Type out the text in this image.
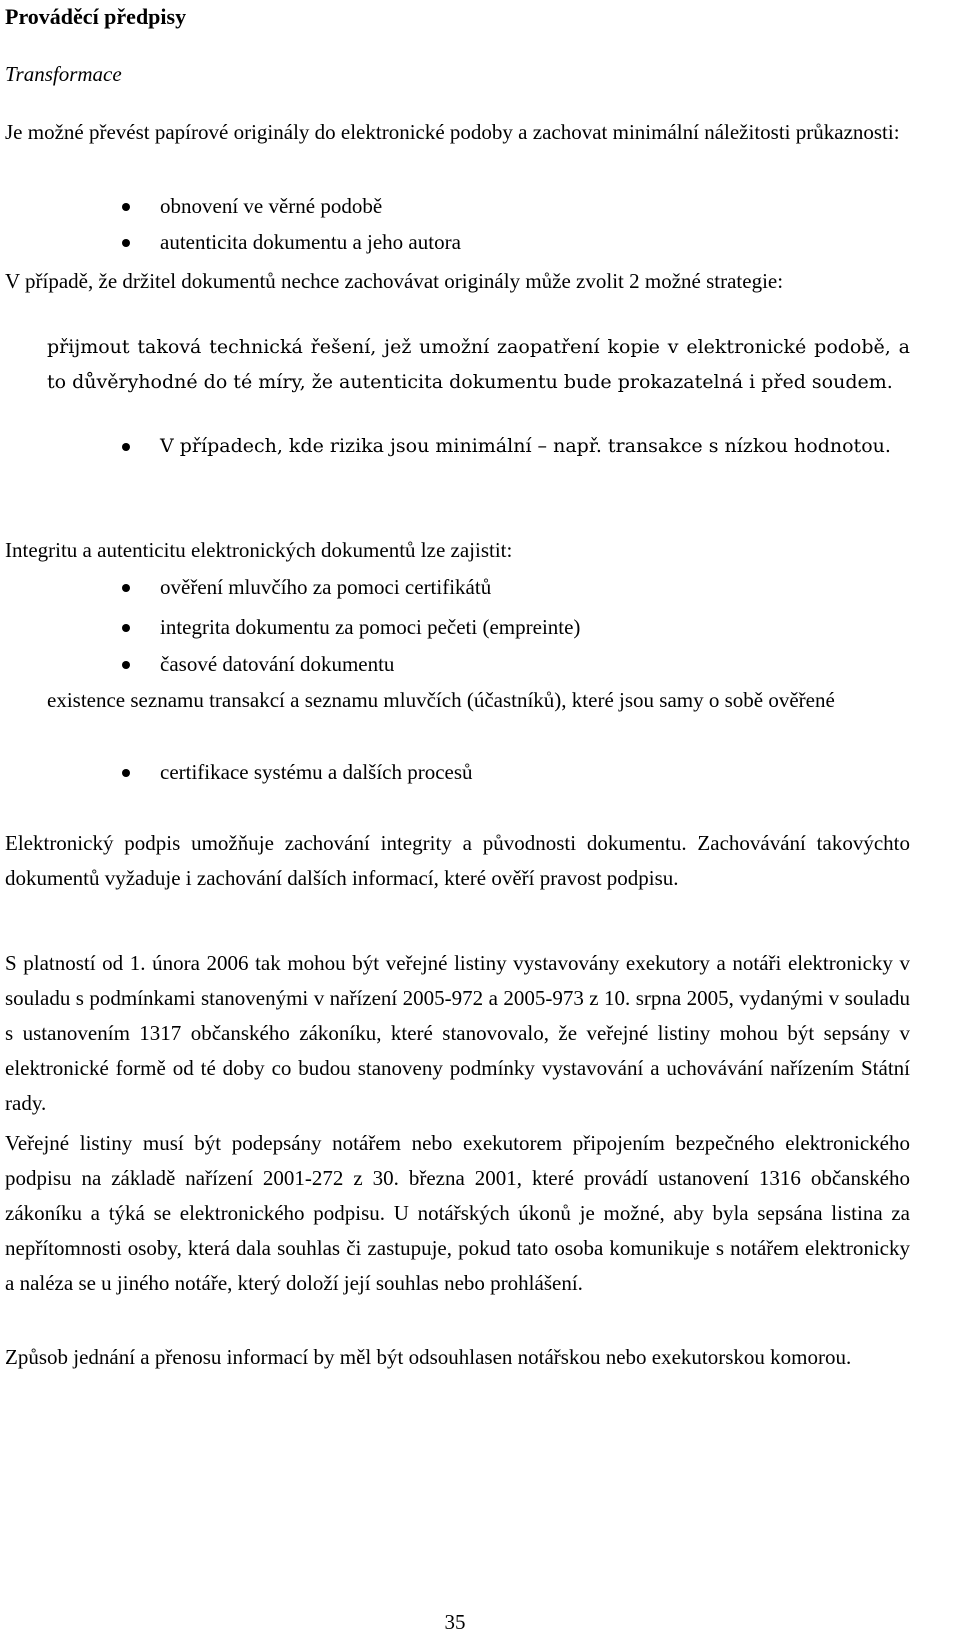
Prováděcí předpisy

Transformace

Je možné převést papírové originály do elektronické podoby a zachovat minimální náležitosti průkaznosti:

obnovení ve věrné podobě
autenticita dokumentu a jeho autora

V případě, že držitel dokumentů nechce zachovávat originály může zvolit 2 možné strategie:

přijmout taková technická řešení, jež umožní zaopatření kopie v elektronické podobě, a to důvěryhodné do té míry, že autenticita dokumentu bude prokazatelná i před soudem.

V případech, kde rizika jsou minimální – např. transakce s nízkou hodnotou.

Integritu a autenticitu elektronických dokumentů lze zajistit:

ověření mluvčího za pomoci certifikátů
integrita dokumentu za pomoci pečeti (empreinte)
časové datování dokumentu

existence seznamu transakcí a seznamu mluvčích (účastníků), které jsou samy o sobě ověřené

certifikace systému a dalších procesů

Elektronický podpis umožňuje zachování integrity a původnosti dokumentu. Zachovávání takovýchto dokumentů vyžaduje i zachování dalších informací, které ověří pravost podpisu.

S platností od 1. února 2006 tak mohou být veřejné listiny vystavovány exekutory a notáři elektronicky v souladu s podmínkami stanovenými v nařízení 2005-972 a 2005-973 z 10. srpna 2005, vydanými v souladu s ustanovením 1317 občanského zákoníku, které stanovovalo, že veřejné listiny mohou být sepsány v elektronické formě od té doby co budou stanoveny podmínky vystavování a uchovávání nařízením Státní rady.

Veřejné listiny musí být podepsány notářem nebo exekutorem připojením bezpečného elektronického podpisu na základě nařízení 2001-272 z 30. března 2001, které provádí ustanovení 1316 občanského zákoníku a týká se elektronického podpisu. U notářských úkonů je možné, aby byla sepsána listina za nepřítomnosti osoby, která dala souhlas či zastupuje, pokud tato osoba komunikuje s notářem elektronicky a naléza se u jiného notáře, který doloží její souhlas nebo prohlášení.

Způsob jednání a přenosu informací by měl být odsouhlasen notářskou nebo exekutorskou komorou.

35
